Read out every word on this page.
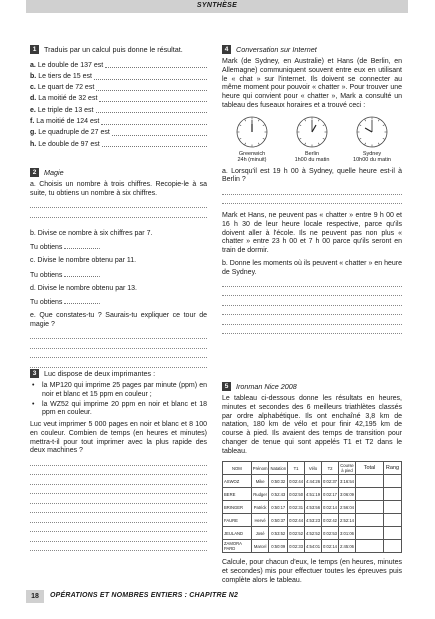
SYNTHÈSE
1	Traduis par un calcul puis donne le résultat.
a. Le double de 137 est
b. Le tiers de 15 est
c. Le quart de 72 est
d. La moitié de 32 est
e. Le triple de 13 est
f. La moitié de 124 est
g. Le quadruple de 27 est
h. Le double de 97 est
2	Magie

a. Choisis un nombre à trois chiffres. Recopie-le à sa suite, tu obtiens un nombre à six chiffres.

b. Divise ce nombre à six chiffres par 7.

Tu obtiens	.

c. Divise le nombre obtenu par 11.

Tu obtiens	.

d. Divise le nombre obtenu par 13.

Tu obtiens	.

e. Que constates-tu ? Saurais-tu expliquer ce tour de magie ?

3	Luc dispose de deux imprimantes :
• la MP120 qui imprime 25 pages par minute (ppm) en noir et blanc et 15 ppm en couleur ;
• la WZ52 qui imprime 20 ppm en noir et blanc et 18 ppm en couleur.

Luc veut imprimer 5 000 pages en noir et blanc et 8 100 en couleur. Combien de temps (en heures et minutes) mettra-t-il pour tout imprimer avec la plus rapide des deux machines ?

4	Conversation sur Internet

Mark (de Sydney, en Australie) et Hans (de Berlin, en Allemagne) communiquent souvent entre eux en utilisant le « chat » sur l'internet. Ils doivent se connecter au même moment pour pouvoir « chatter ». Pour trouver une heure qui convient pour « chatter », Mark a consulté un tableau des fuseaux horaires et a trouvé ceci :

Greenwich
24h (minuit)
Berlin
1h00 du matin
Sydney
10h00 du matin

a. Lorsqu'il est 19 h 00 à Sydney, quelle heure est-il à Berlin ?

Mark et Hans, ne peuvent pas « chatter » entre 9 h 00 et 16 h 30 de leur heure locale respective, parce qu'ils doivent aller à l'école. Ils ne peuvent pas non plus « chatter » entre 23 h 00 et 7 h 00 parce qu'ils seront en train de dormir.

b. Donne les moments où ils peuvent « chatter » en heure de Sydney.

5	Ironman Nice 2008

Le tableau ci-dessous donne les résultats en heures, minutes et secondes des 6 meilleurs triathlètes classés par ordre alphabétique. Ils ont enchaîné 3,8 km de natation, 180 km de vélo et pour finir 42,195 km de course à pied. Ils avaient des temps de transition pour changer de tenue qui sont appelés T1 et T2 dans le tableau.

NOM	Prénom	Natation	T1	Vélo	T2	Course à pied	Total	Rang
ASWOZ	Mike	0:50:32	0:02:44	4:44:26	0:02:37	3:16:54		
BERE	Rudger	0:52:43	0:02:50	4:51:19	0:02:17	3:06:09		
BRINGER	Patrick	0:50:17	0:02:31	4:53:56	0:02:14	2:56:04		
FAURE	Hervé	0:50:37	0:02:44	4:53:23	0:02:42	2:52:14		
JEULAND	José	0:53:52	0:02:52	4:52:52	0:02:53	3:01:06		
ZAMORA PARD	Marcel	0:50:09	0:02:33	4:54:01	0:02:14	2:45:06		

Calcule, pour chacun d'eux, le temps (en heures, minutes et secondes) mis pour effectuer toutes les épreuves puis complète alors le tableau.

18	OPÉRATIONS ET NOMBRES ENTIERS : CHAPITRE N2
